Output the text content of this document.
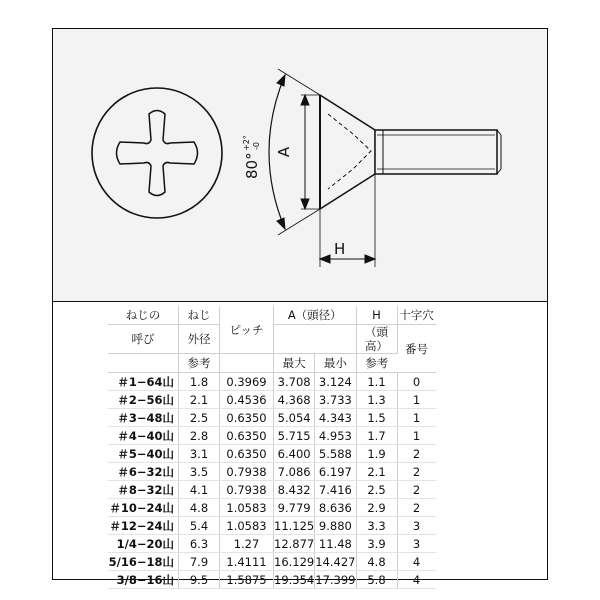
A
80°
+2° -0
H
ねじの	ねじ	ピッチ	A（頭径）		H	十字穴
呼び	外径				（頭高）	番号
	参考		最大	最小	参考	
＃1−64山	1.8	0.3969	3.708	3.124	1.1	0
＃2−56山	2.1	0.4536	4.368	3.733	1.3	1
＃3−48山	2.5	0.6350	5.054	4.343	1.5	1
＃4−40山	2.8	0.6350	5.715	4.953	1.7	1
＃5−40山	3.1	0.6350	6.400	5.588	1.9	2
＃6−32山	3.5	0.7938	7.086	6.197	2.1	2
＃8−32山	4.1	0.7938	8.432	7.416	2.5	2
＃10−24山	4.8	1.0583	9.779	8.636	2.9	2
＃12−24山	5.4	1.0583	11.125	9.880	3.3	3
1/4−20山	6.3	1.27	12.877	11.48	3.9	3
5/16−18山	7.9	1.4111	16.129	14.427	4.8	4
3/8−16山	9.5	1.5875	19.354	17.399	5.8	4
